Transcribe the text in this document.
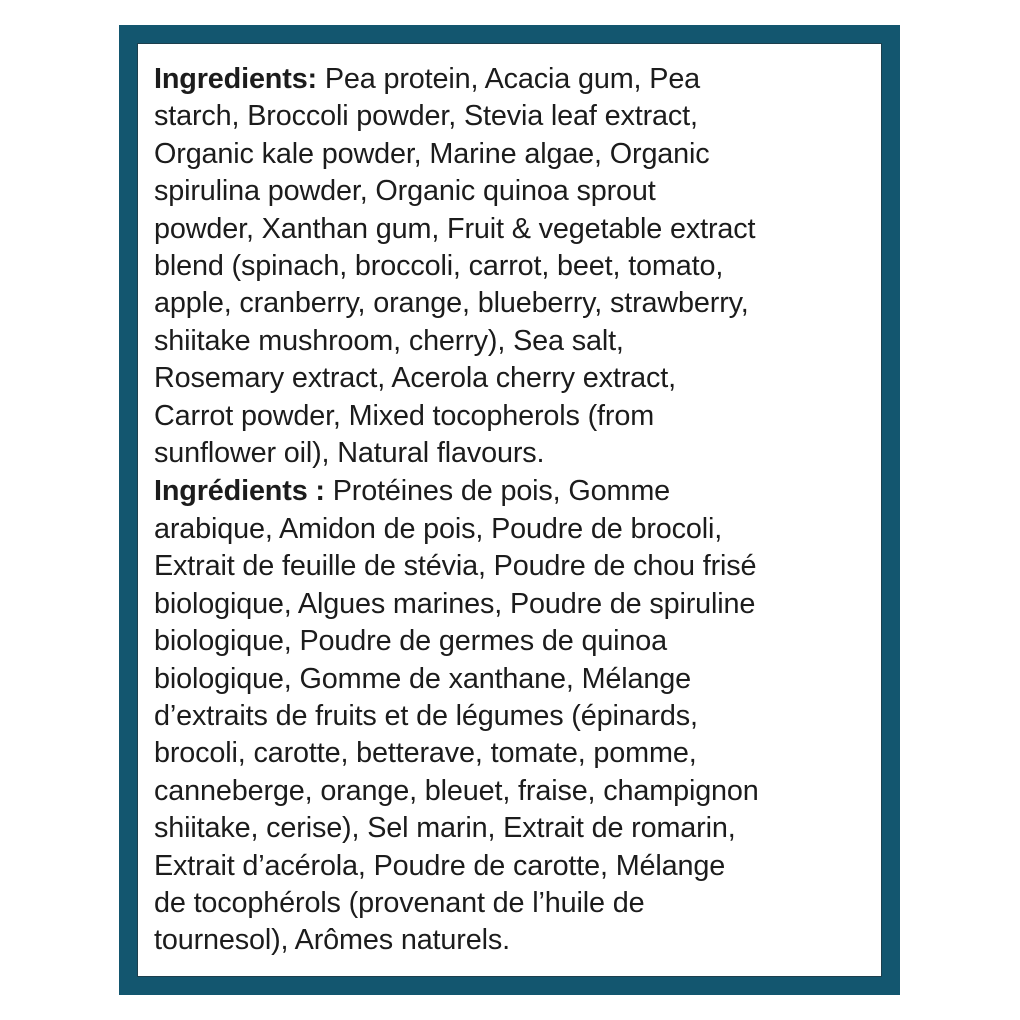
Ingredients: Pea protein, Acacia gum, Pea
starch, Broccoli powder, Stevia leaf extract,
Organic kale powder, Marine algae, Organic
spirulina powder, Organic quinoa sprout
powder, Xanthan gum, Fruit & vegetable extract
blend (spinach, broccoli, carrot, beet, tomato,
apple, cranberry, orange, blueberry, strawberry,
shiitake mushroom, cherry), Sea salt,
Rosemary extract, Acerola cherry extract,
Carrot powder, Mixed tocopherols (from
sunflower oil), Natural flavours.
Ingrédients : Protéines de pois, Gomme
arabique, Amidon de pois, Poudre de brocoli,
Extrait de feuille de stévia, Poudre de chou frisé
biologique, Algues marines, Poudre de spiruline
biologique, Poudre de germes de quinoa
biologique, Gomme de xanthane, Mélange
d’extraits de fruits et de légumes (épinards,
brocoli, carotte, betterave, tomate, pomme,
canneberge, orange, bleuet, fraise, champignon
shiitake, cerise), Sel marin, Extrait de romarin,
Extrait d’acérola, Poudre de carotte, Mélange
de tocophérols (provenant de l’huile de
tournesol), Arômes naturels.
